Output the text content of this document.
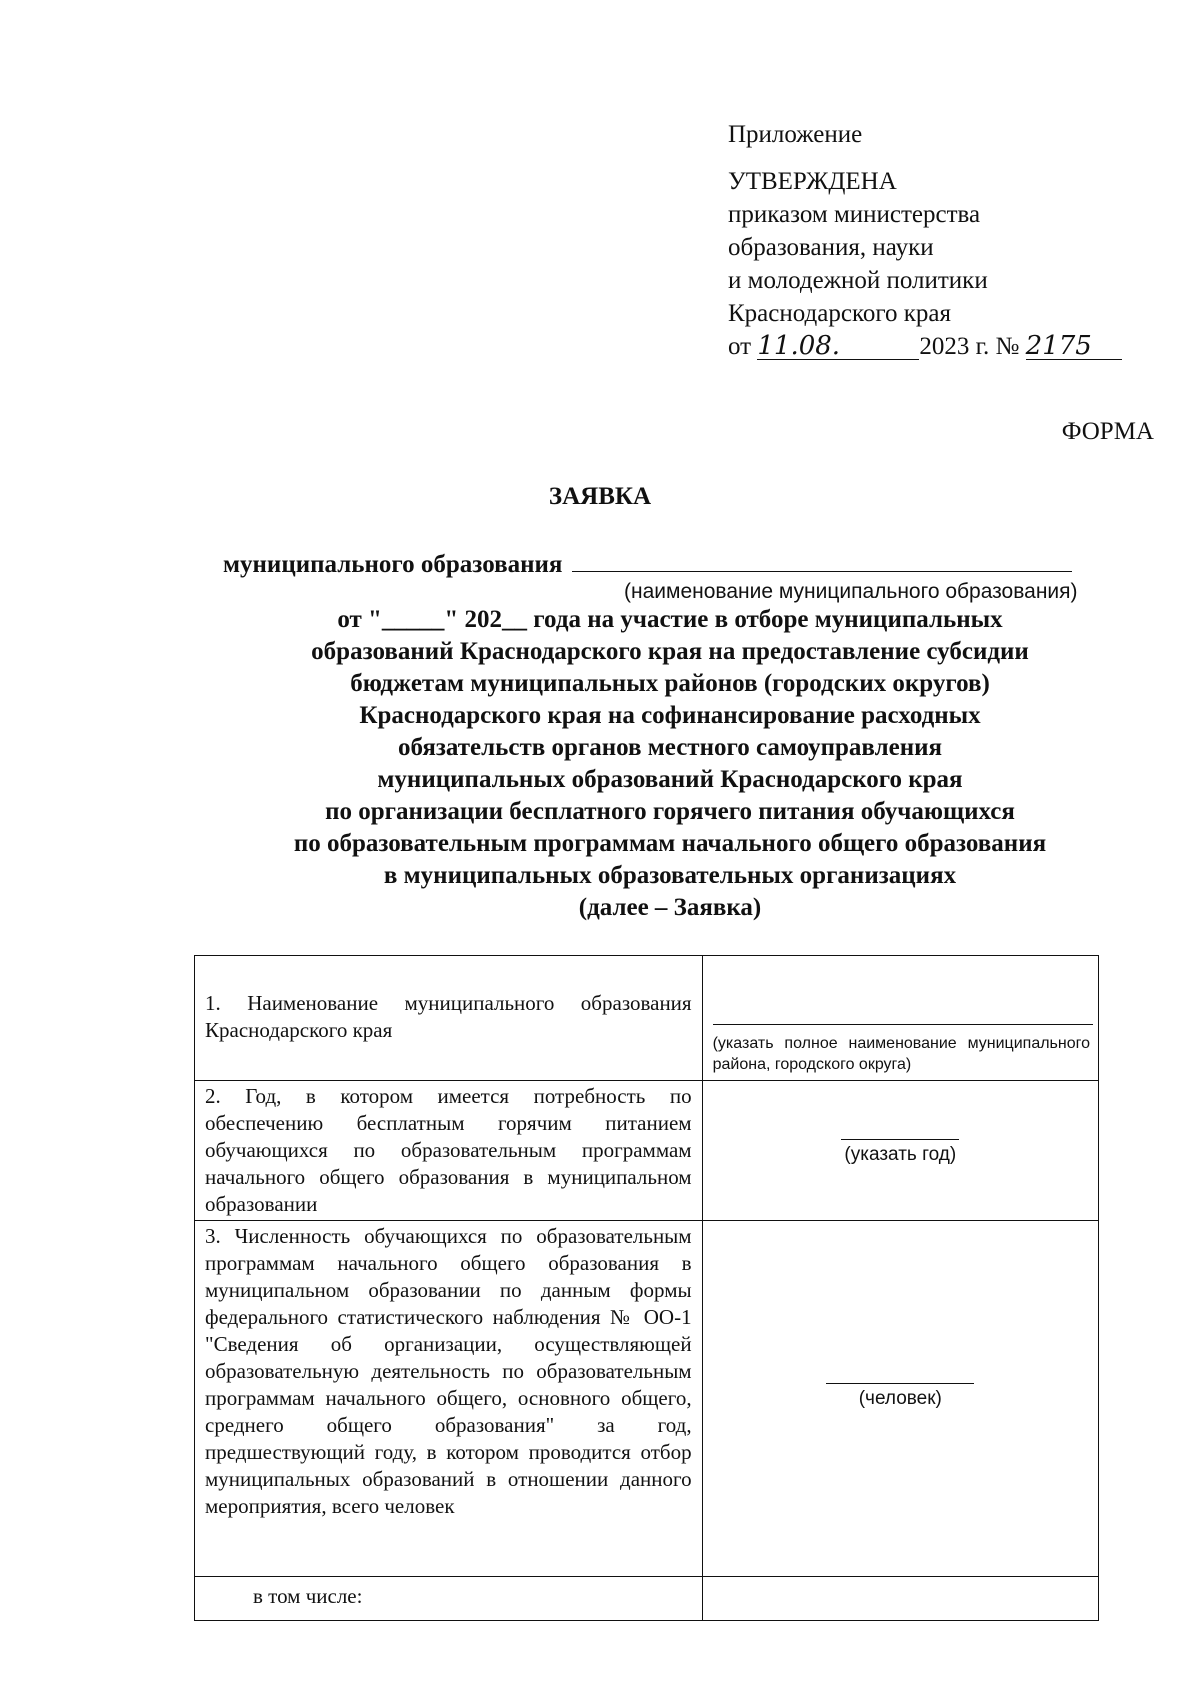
Приложение
УТВЕРЖДЕНА
приказом министерства
образования, науки
и молодежной политики
Краснодарского края
от 11.08.	2023 г. № 2175
ФОРМА
ЗАЯВКА
муниципального образования
(наименование муниципального образования)
от "_____" 202__ года на участие в отборе муниципальных
образований Краснодарского края на предоставление субсидии
бюджетам муниципальных районов (городских округов)
Краснодарского края на софинансирование расходных
обязательств органов местного самоуправления
муниципальных образований Краснодарского края
по организации бесплатного горячего питания обучающихся
по образовательным программам начального общего образования
в муниципальных образовательных организациях
(далее – Заявка)
1. Наименование муниципального образования Краснодарского края	(указать полное наименование муниципального района, городского округа)

2. Год, в котором имеется потребность по обеспечению бесплатным горячим питанием обучающихся по образовательным программам начального общего образования в муниципальном образовании	(указать год)

3. Численность обучающихся по образовательным программам начального общего образования в муниципальном образовании по данным формы федерального статистического наблюдения № ОО-1 "Сведения об организации, осуществляющей образовательную деятельность по образовательным программам начального общего, основного общего, среднего общего образования" за год, предшествующий году, в котором проводится отбор муниципальных образований в отношении данного мероприятия, всего человек	(человек)

в том числе:	
